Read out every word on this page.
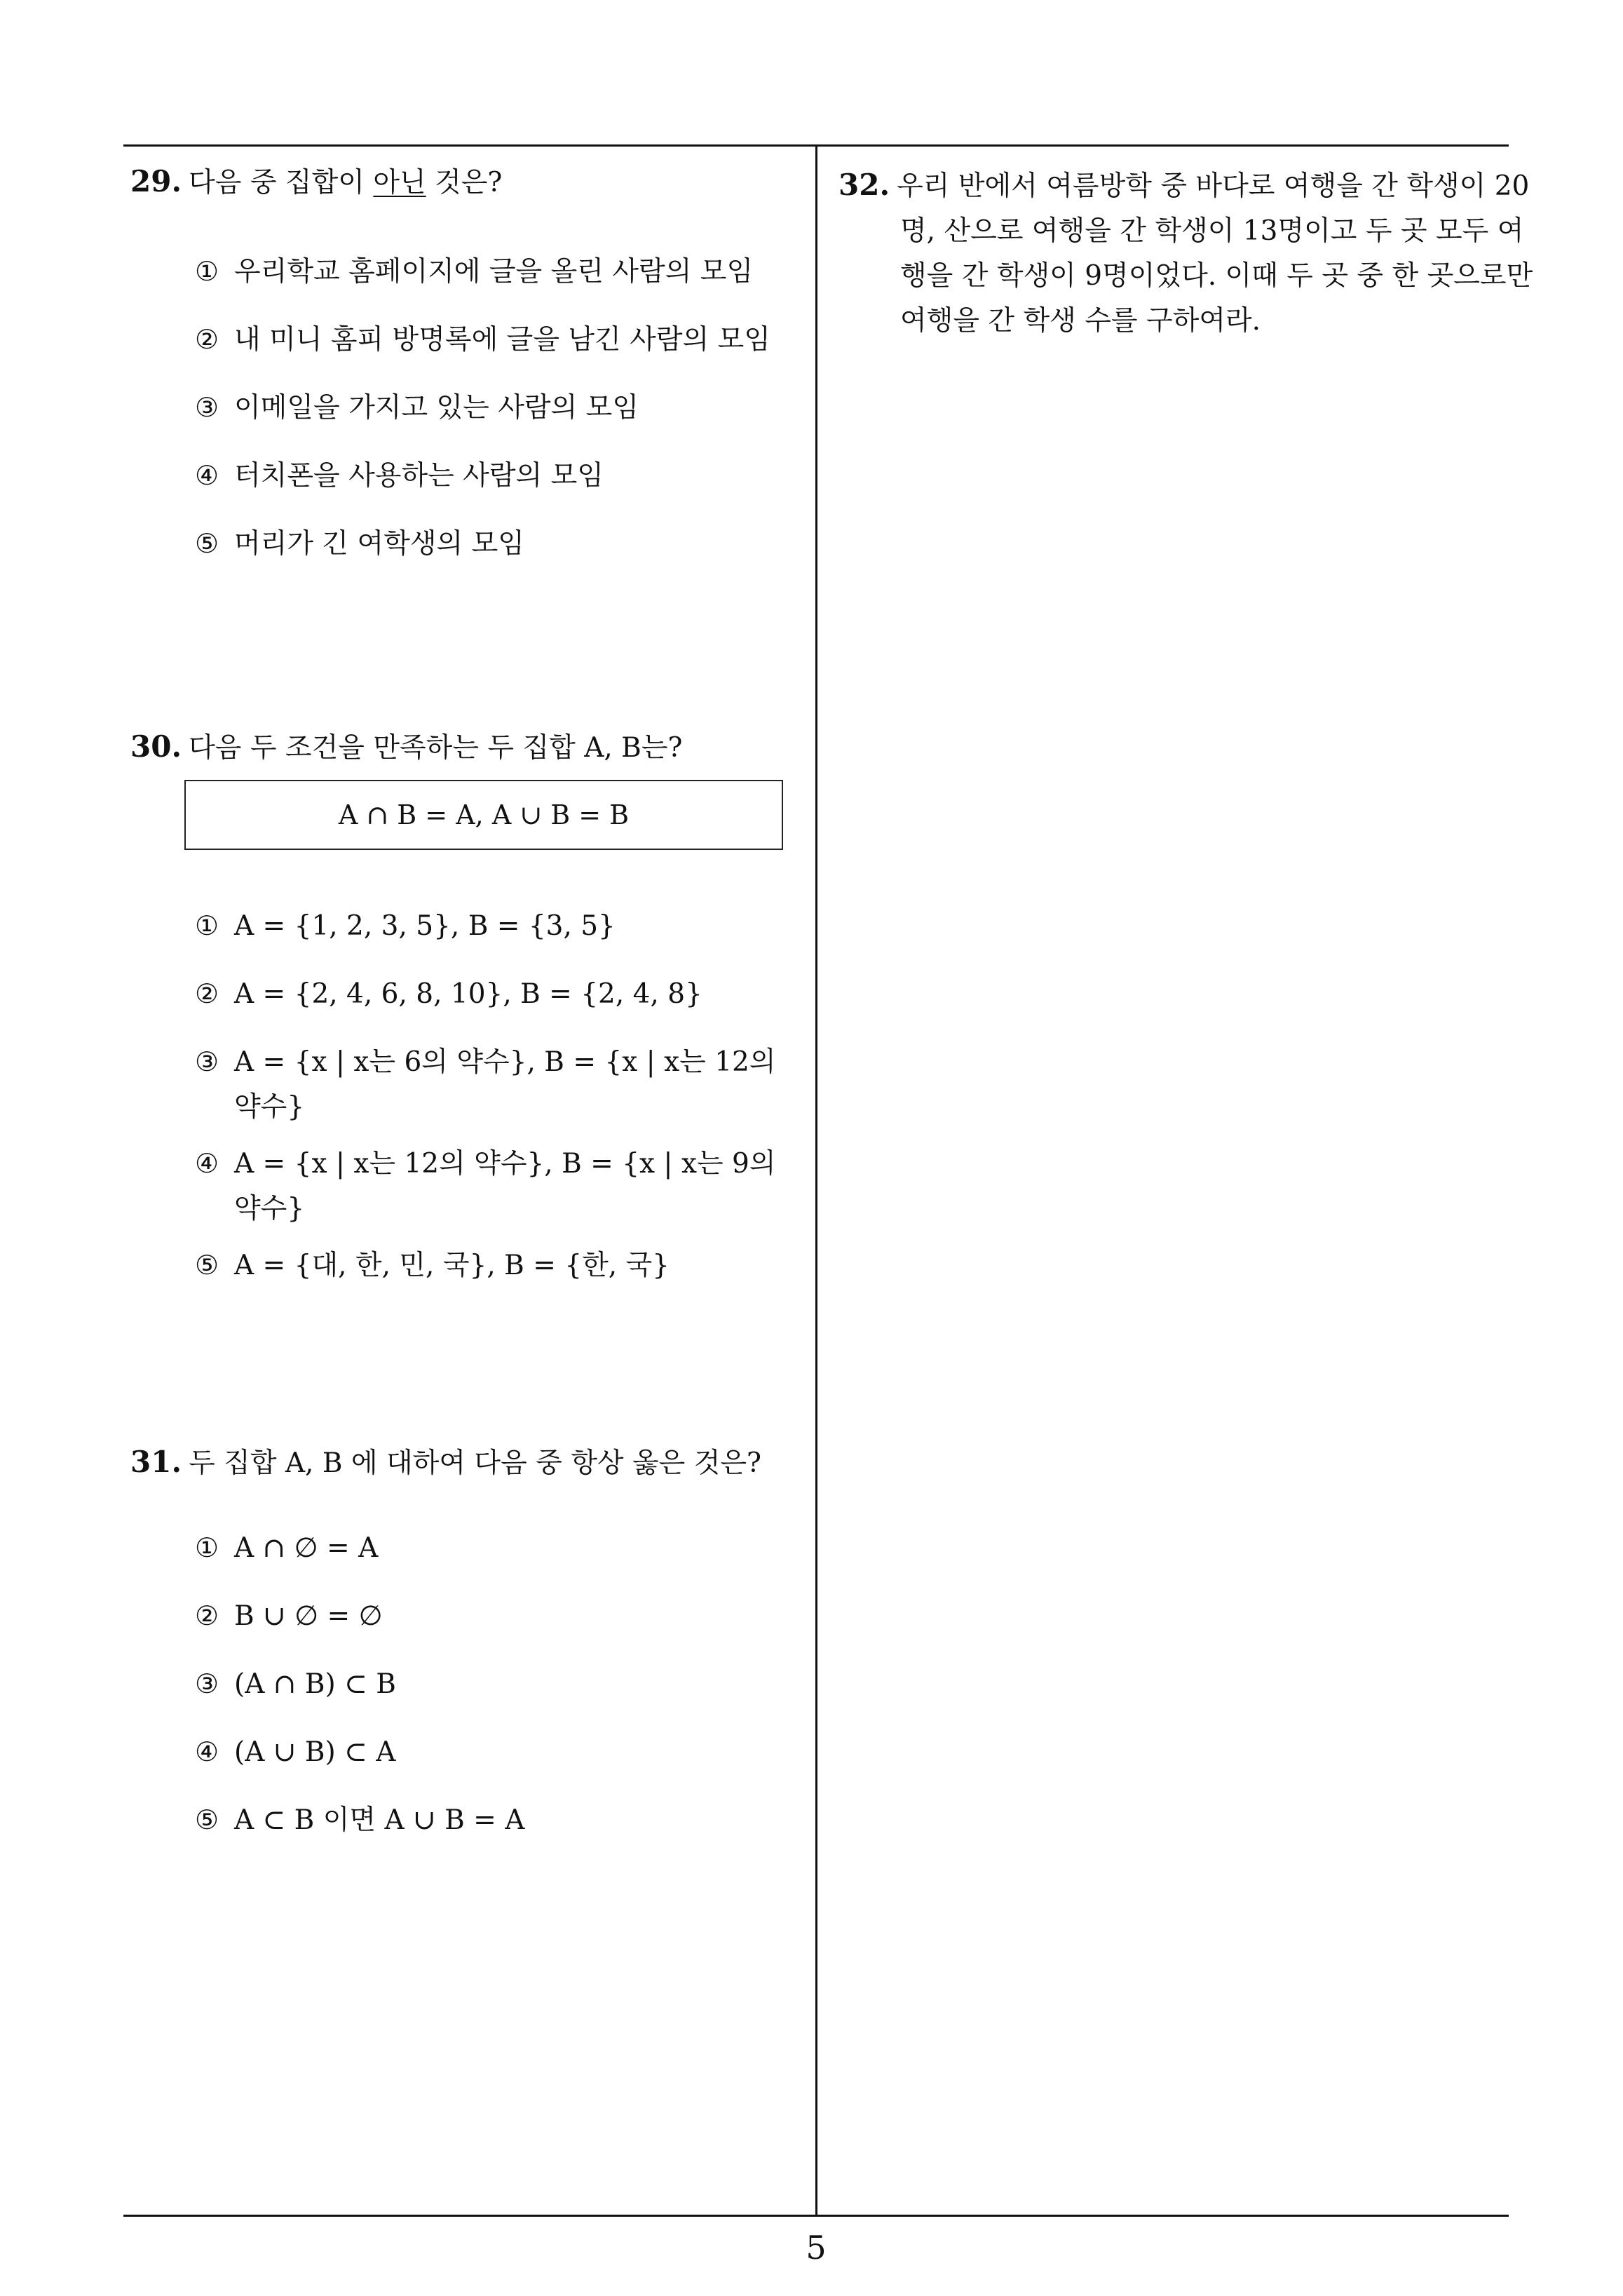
29. 다음 중 집합이 아닌 것은?
① 우리학교 홈페이지에 글을 올린 사람의 모임
② 내 미니 홈피 방명록에 글을 남긴 사람의 모임
③ 이메일을 가지고 있는 사람의 모임
④ 터치폰을 사용하는 사람의 모임
⑤ 머리가 긴 여학생의 모임
30. 다음 두 조건을 만족하는 두 집합 A, B는?
A ∩ B = A, A ∪ B = B
① A = {1, 2, 3, 5}, B = {3, 5}
② A = {2, 4, 6, 8, 10}, B = {2, 4, 8}
③ A = {x | x는 6의 약수}, B = {x | x는 12의
약수}
④ A = {x | x는 12의 약수}, B = {x | x는 9의
약수}
⑤ A = {대, 한, 민, 국}, B = {한, 국}
31. 두 집합 A, B 에 대하여 다음 중 항상 옳은 것은?
① A ∩ ∅ = A
② B ∪ ∅ = ∅
③ (A ∩ B) ⊂ B
④ (A ∪ B) ⊂ A
⑤ A ⊂ B 이면 A ∪ B = A
32. 우리 반에서 여름방학 중 바다로 여행을 간 학생이 20
명, 산으로 여행을 간 학생이 13명이고 두 곳 모두 여
행을 간 학생이 9명이었다. 이때 두 곳 중 한 곳으로만
여행을 간 학생 수를 구하여라.
5
